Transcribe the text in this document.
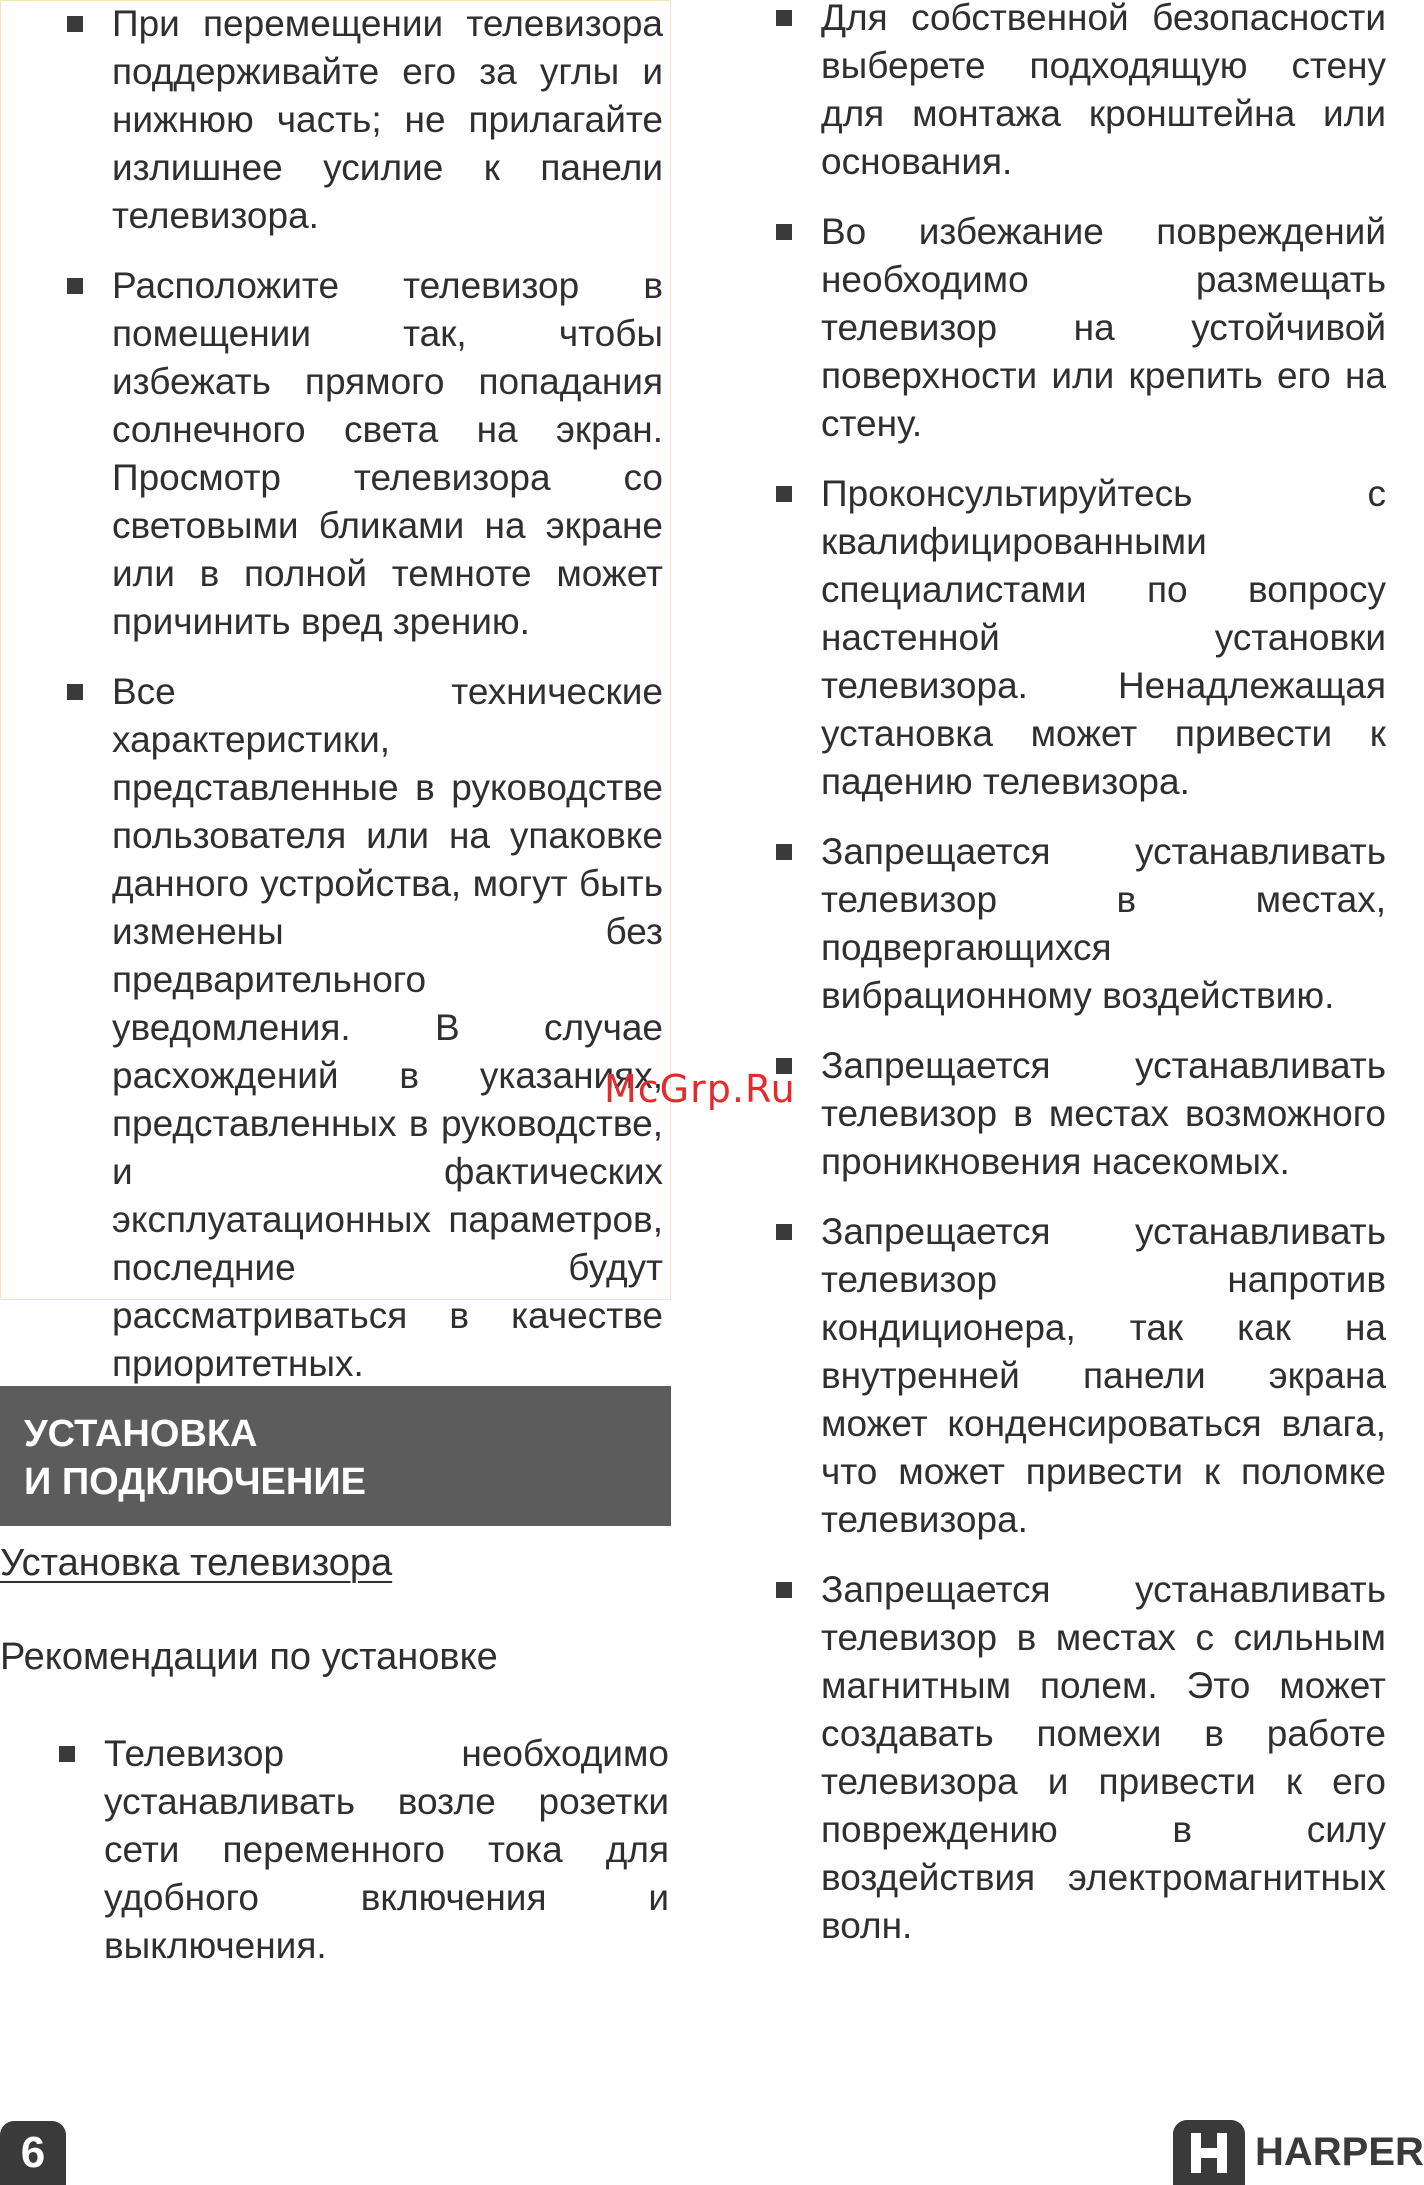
При перемещении телевизора поддерживайте его за углы и нижнюю часть; не прилагайте излишнее усилие к панели телевизора.
Расположите телевизор в помещении так, чтобы избежать прямого попадания солнечного света на экран. Просмотр телевизора со световыми бликами на экране или в полной темноте может причинить вред зрению.
Все технические характеристики, представленные в руководстве пользователя или на упаковке данного устройства, могут быть изменены без предварительного уведомления. В случае расхождений в указаниях, представленных в руководстве, и фактических эксплуатационных параметров, последние будут рассматриваться в качестве приоритетных.
УСТАНОВКА
И ПОДКЛЮЧЕНИЕ
Установка телевизора
Рекомендации по установке
Телевизор необходимо устанавливать возле розетки сети переменного тока для удобного включения и выключения.
Для собственной безопасности выберете подходящую стену для монтажа кронштейна или основания.
Во избежание повреждений необходимо размещать телевизор на устойчивой поверхности или крепить его на стену.
Проконсультируйтесь с квалифицированными специалистами по вопросу настенной установки телевизора. Ненадлежащая установка может привести к падению телевизора.
Запрещается устанавливать телевизор в местах, подвергающихся вибрационному воздействию.
Запрещается устанавливать телевизор в местах возможного проникновения насекомых.
Запрещается устанавливать телевизор напротив кондиционера, так как на внутренней панели экрана может конденсироваться влага, что может привести к поломке телевизора.
Запрещается устанавливать телевизор в местах с сильным магнитным полем. Это может создавать помехи в работе телевизора и привести к его повреждению в силу воздействия электромагнитных волн.
McGrp.Ru
6	HARPER
